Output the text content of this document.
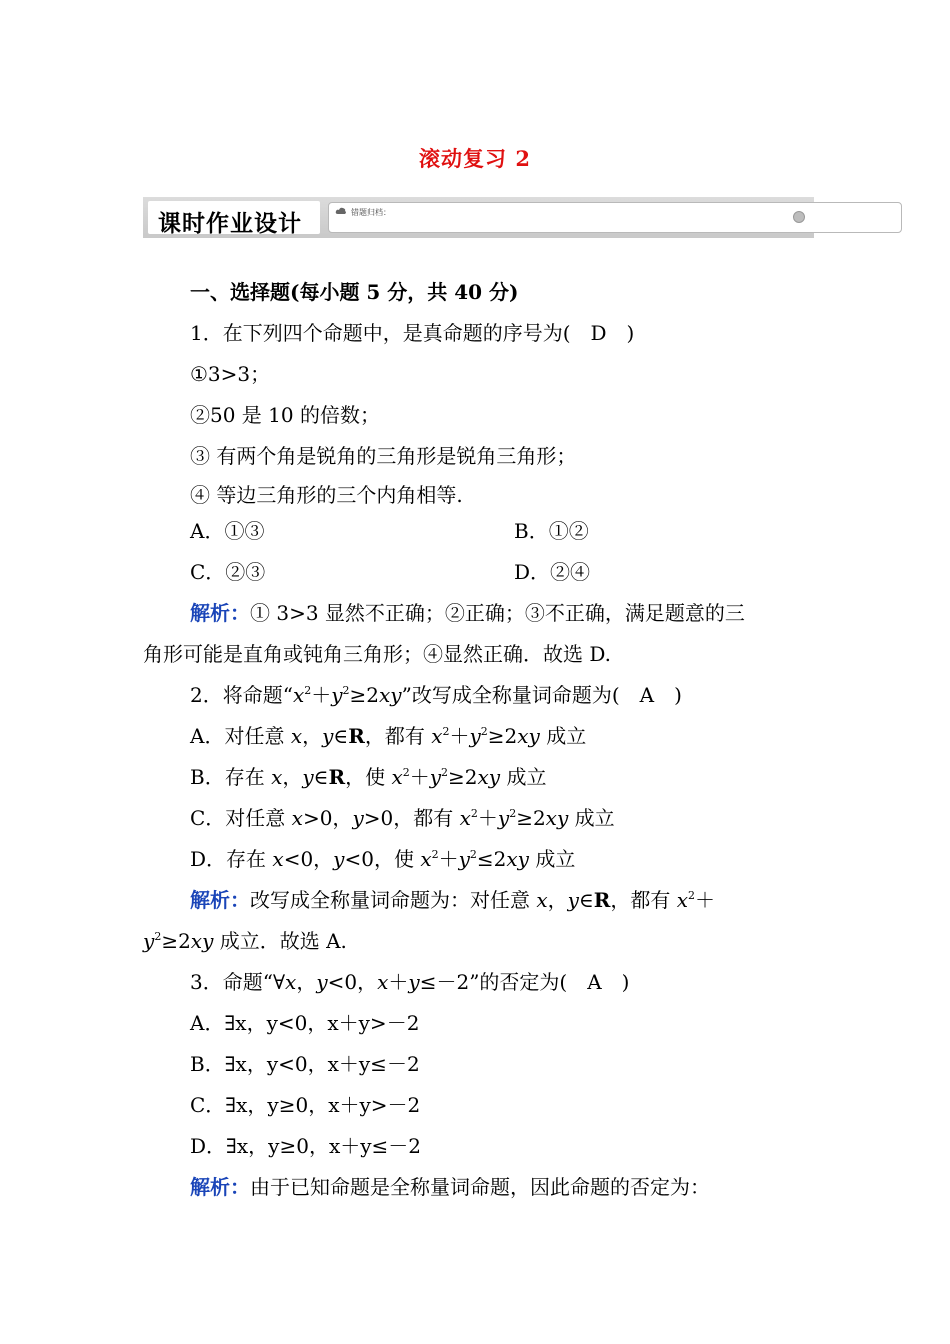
滚动复习 2
课时作业设计	错题归档：
一、选择题(每小题 5 分，共 40 分)
1．在下列四个命题中，是真命题的序号为(　D　)
①3>3；
②50 是 10 的倍数；
③ 有两个角是锐角的三角形是锐角三角形；
④ 等边三角形的三个内角相等.
A．①③	B．①②
C．②③	D．②④
解析：① 3>3 显然不正确；②正确；③不正确，满足题意的三
角形可能是直角或钝角三角形；④显然正确．故选 D.
2．将命题“$x^2+y^2\ge 2xy$”改写成全称量词命题为(　A　)
A．对任意 x，y∈R，都有 $x^2+y^2\ge 2xy$ 成立
B．存在 x，y∈R，使 $x^2+y^2\ge 2xy$ 成立
C．对任意 x>0，y>0，都有 $x^2+y^2\ge 2xy$ 成立
D．存在 x<0，y<0，使 $x^2+y^2\le 2xy$ 成立
解析：改写成全称量词命题为：对任意 x，y∈R，都有 $x^2+$
$y^2\ge 2xy$ 成立．故选 A.
3．命题“∀x，y<0，x＋y≤－2”的否定为(　A　)
A．∃x，y<0，x＋y>－2
B．∃x，y<0，x＋y≤－2
C．∃x，y≥0，x＋y>－2
D．∃x，y≥0，x＋y≤－2
解析：由于已知命题是全称量词命题，因此命题的否定为：
